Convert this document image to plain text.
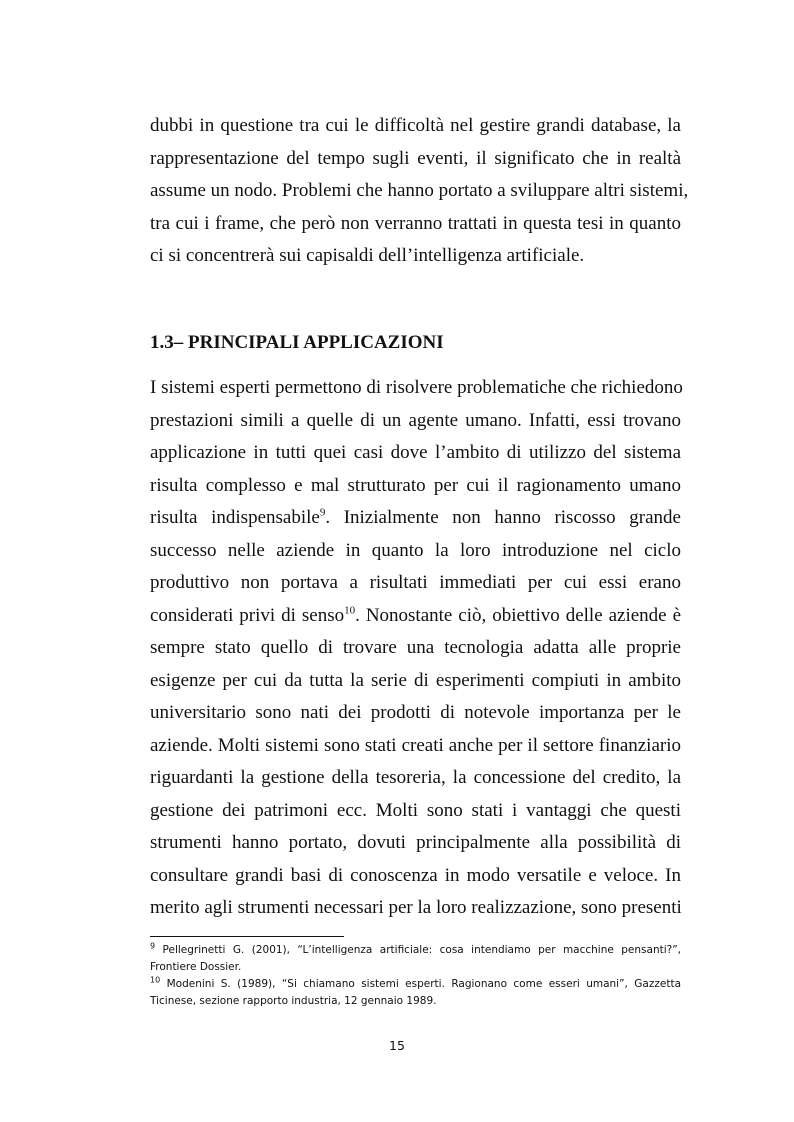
dubbi in questione tra cui le difficoltà nel gestire grandi database, la
rappresentazione del tempo sugli eventi, il significato che in realtà
assume un nodo. Problemi che hanno portato a sviluppare altri sistemi,
tra cui i frame, che però non verranno trattati in questa tesi in quanto
ci si concentrerà sui capisaldi dell’intelligenza artificiale.
1.3– PRINCIPALI APPLICAZIONI
I sistemi esperti permettono di risolvere problematiche che richiedono
prestazioni simili a quelle di un agente umano. Infatti, essi trovano
applicazione in tutti quei casi dove l’ambito di utilizzo del sistema
risulta complesso e mal strutturato per cui il ragionamento umano
risulta indispensabile$^9$. Inizialmente non hanno riscosso grande
successo nelle aziende in quanto la loro introduzione nel ciclo
produttivo non portava a risultati immediati per cui essi erano
considerati privi di senso$^{10}$. Nonostante ciò, obiettivo delle aziende è
sempre stato quello di trovare una tecnologia adatta alle proprie
esigenze per cui da tutta la serie di esperimenti compiuti in ambito
universitario sono nati dei prodotti di notevole importanza per le
aziende. Molti sistemi sono stati creati anche per il settore finanziario
riguardanti la gestione della tesoreria, la concessione del credito, la
gestione dei patrimoni ecc. Molti sono stati i vantaggi che questi
strumenti hanno portato, dovuti principalmente alla possibilità di
consultare grandi basi di conoscenza in modo versatile e veloce. In
merito agli strumenti necessari per la loro realizzazione, sono presenti
$^9$ Pellegrinetti G. (2001), “L’intelligenza artificiale: cosa intendiamo per macchine pensanti?”, Frontiere Dossier.
$^{10}$ Modenini S. (1989), “Si chiamano sistemi esperti. Ragionano come esseri umani”, Gazzetta Ticinese, sezione rapporto industria, 12 gennaio 1989.
15
